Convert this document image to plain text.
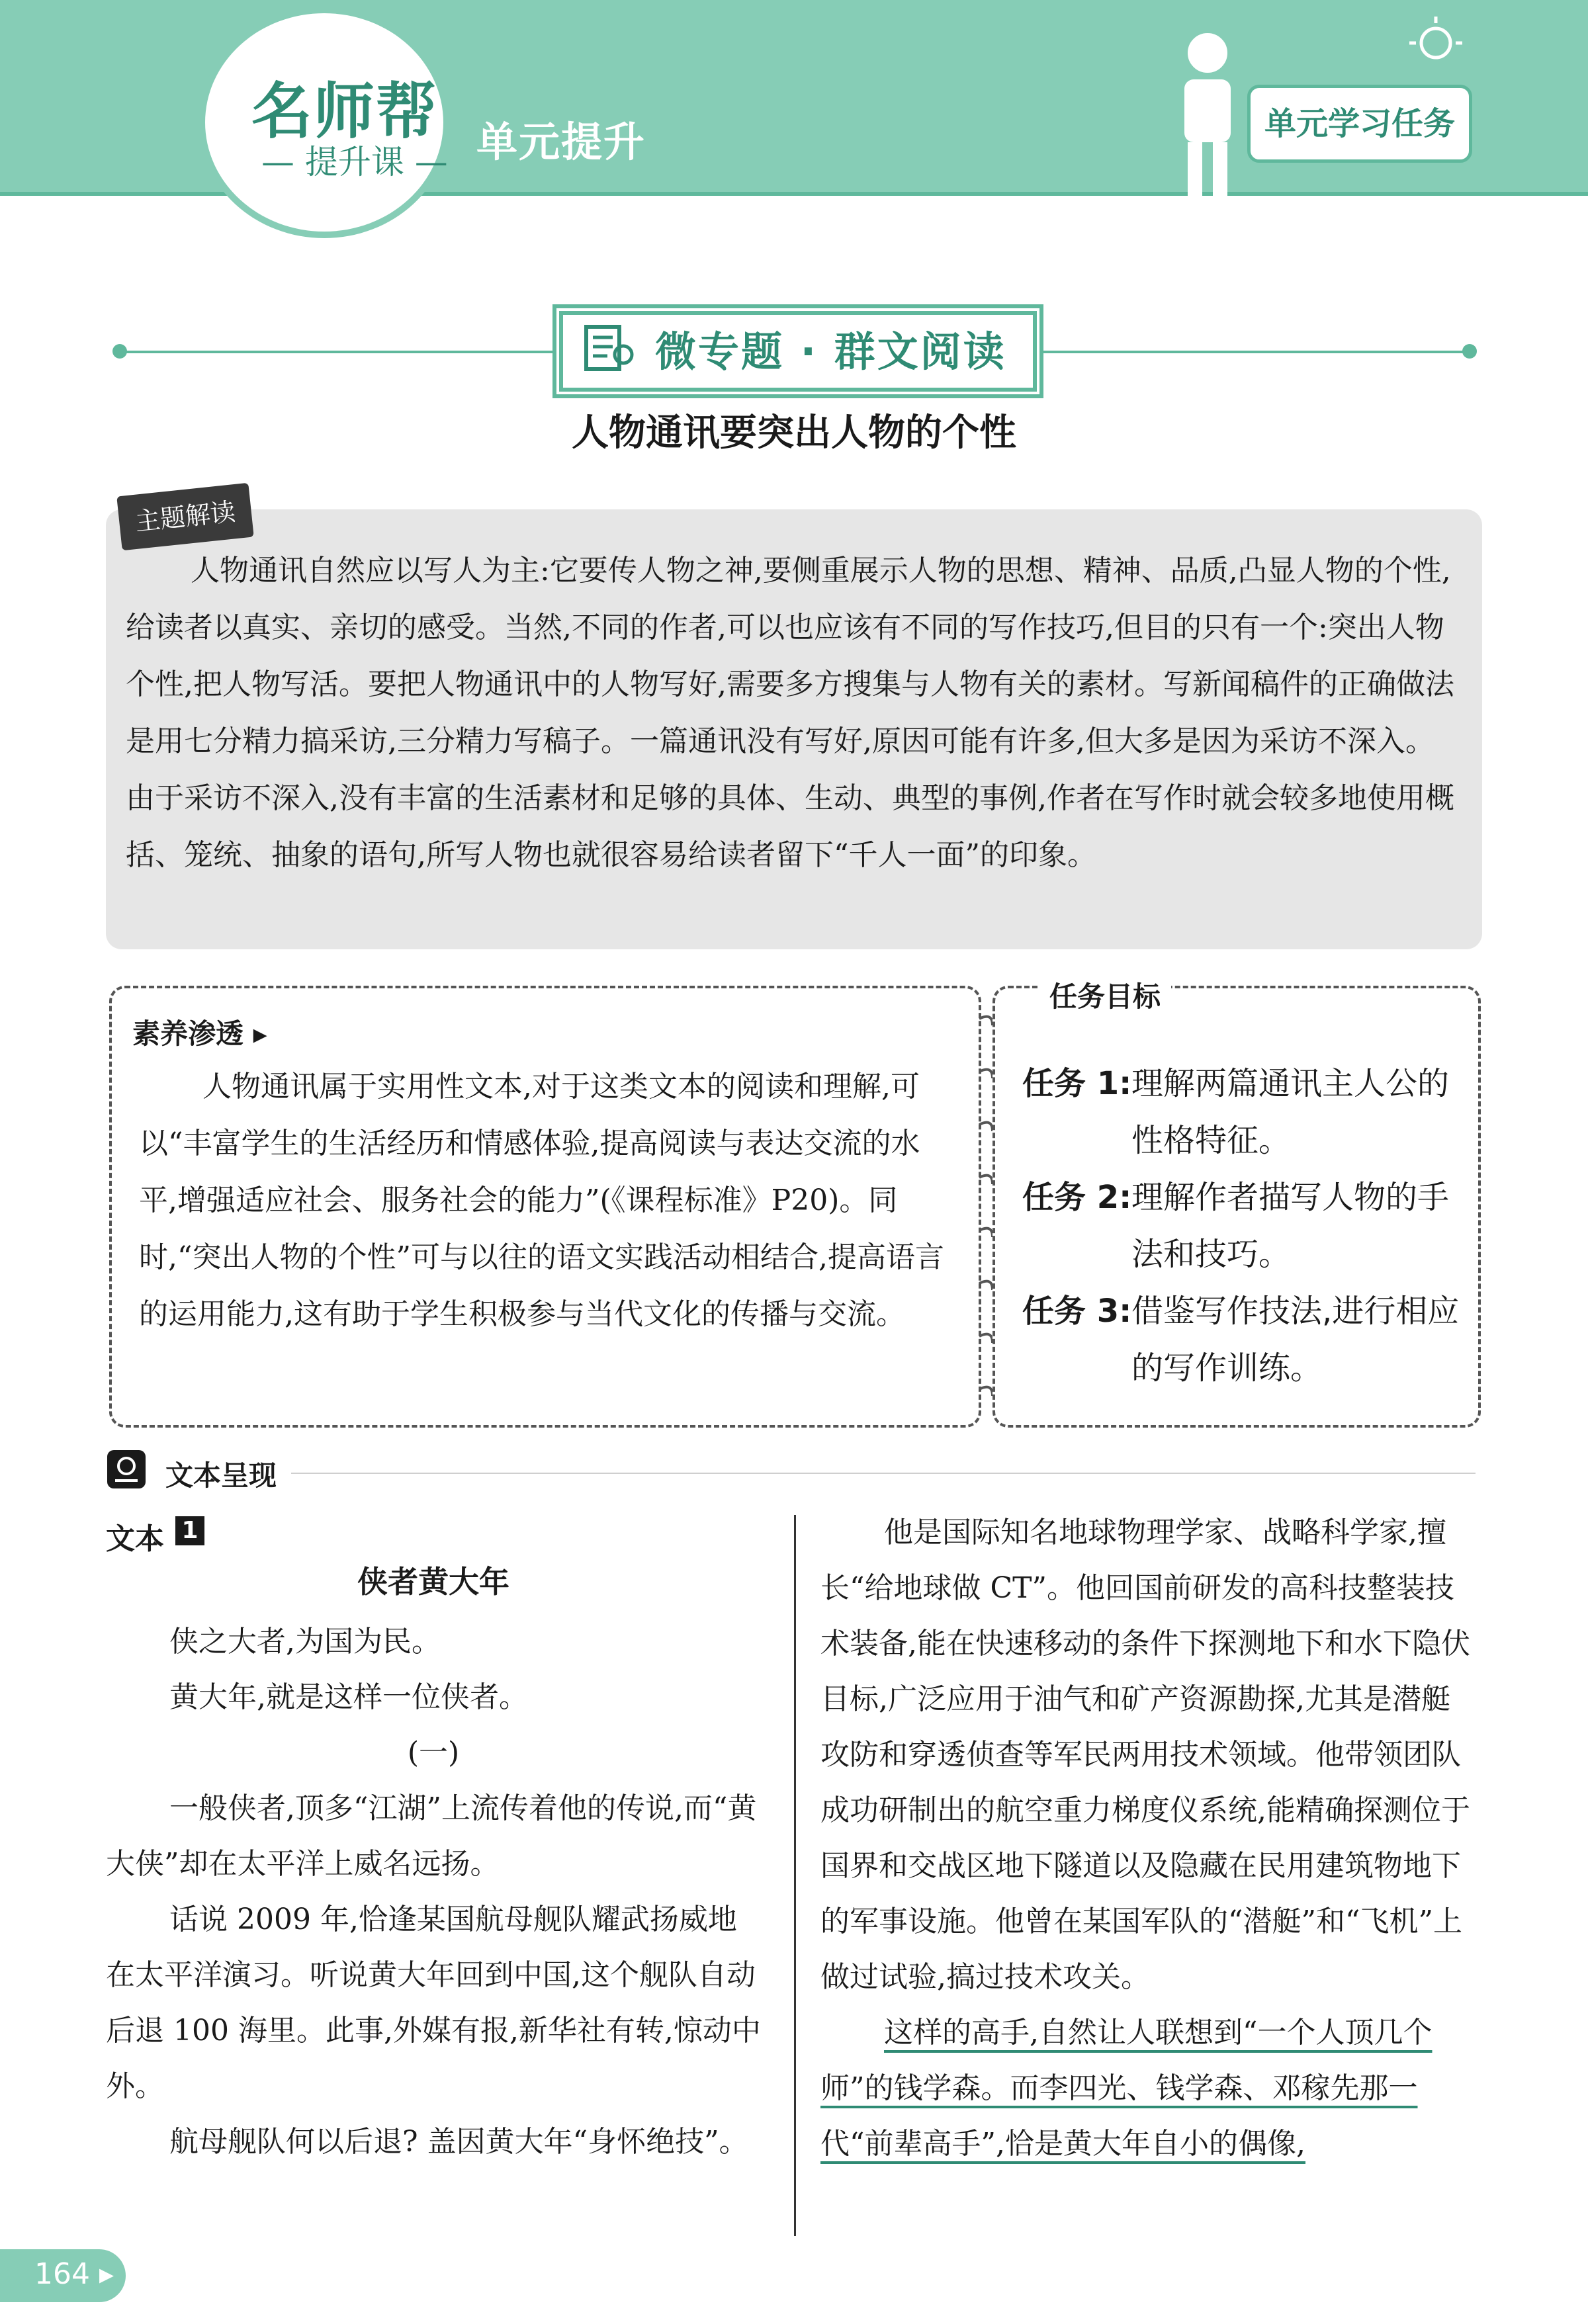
名师帮
— 提升课 — 单元提升	单元学习任务
微专题 · 群文阅读
人物通讯要突出人物的个性
主题解读
人物通讯自然应以写人为主:它要传人物之神,要侧重展示人物的思想、精神、品质,凸显人物的个性,给读者以真实、亲切的感受。当然,不同的作者,可以也应该有不同的写作技巧,但目的只有一个:突出人物个性,把人物写活。要把人物通讯中的人物写好,需要多方搜集与人物有关的素材。写新闻稿件的正确做法是用七分精力搞采访,三分精力写稿子。一篇通讯没有写好,原因可能有许多,但大多是因为采访不深入。由于采访不深入,没有丰富的生活素材和足够的具体、生动、典型的事例,作者在写作时就会较多地使用概括、笼统、抽象的语句,所写人物也就很容易给读者留下“千人一面”的印象。
素养渗透 ▸
人物通讯属于实用性文本,对于这类文本的阅读和理解,可以“丰富学生的生活经历和情感体验,提高阅读与表达交流的水平,增强适应社会、服务社会的能力”(《课程标准》P20)。同时,“突出人物的个性”可与以往的语文实践活动相结合,提高语言的运用能力,这有助于学生积极参与当代文化的传播与交流。
任务目标
任务 1: 理解两篇通讯主人公的
性格特征。
任务 2: 理解作者描写人物的手
法和技巧。
任务 3: 借鉴写作技法,进行相应
的写作训练。
文本呈现
文本 1
侠者黄大年

侠之大者,为国为民。

黄大年,就是这样一位侠者。

(一)

一般侠者,顶多“江湖”上流传着他的传说,而“黄大侠”却在太平洋上威名远扬。

话说 2009 年,恰逢某国航母舰队耀武扬威地在太平洋演习。听说黄大年回到中国,这个舰队自动后退 100 海里。此事,外媒有报,新华社有转,惊动中外。

航母舰队何以后退? 盖因黄大年“身怀绝技”。

他是国际知名地球物理学家、战略科学家,擅长“给地球做 CT”。他回国前研发的高科技整装技术装备,能在快速移动的条件下探测地下和水下隐伏目标,广泛应用于油气和矿产资源勘探,尤其是潜艇攻防和穿透侦查等军民两用技术领域。他带领团队成功研制出的航空重力梯度仪系统,能精确探测位于国界和交战区地下隧道以及隐藏在民用建筑物地下的军事设施。他曾在某国军队的“潜艇”和“飞机”上做过试验,搞过技术攻关。

这样的高手,自然让人联想到“一个人顶几个师”的钱学森。而李四光、钱学森、邓稼先那一代“前辈高手”,恰是黄大年自小的偶像,

164 ▸
